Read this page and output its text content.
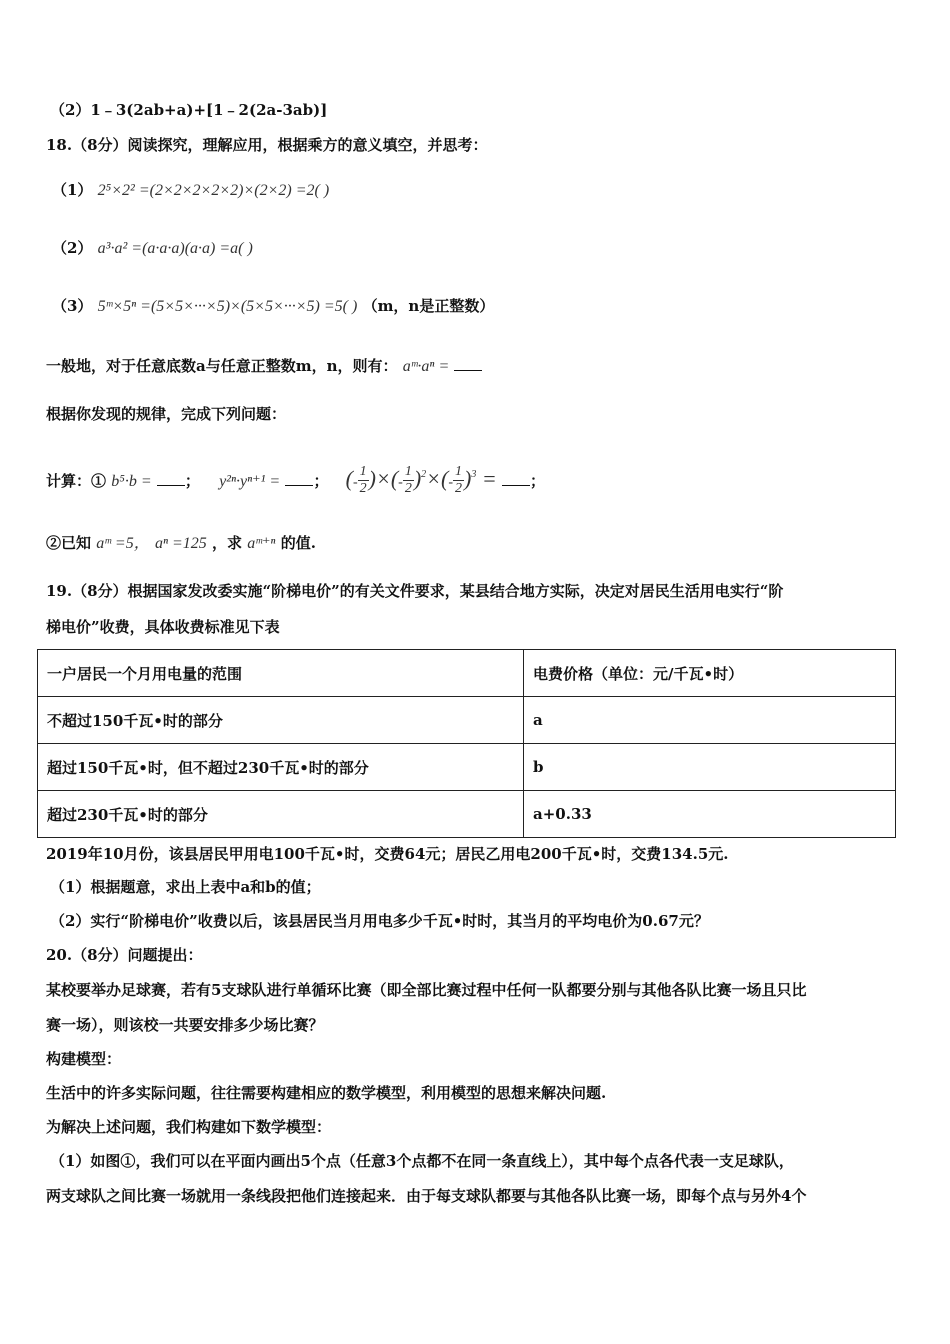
（2）1﹣3(2ab+a)+[1﹣2(2a-3ab)]
18.（8分）阅读探究，理解应用，根据乘方的意义填空，并思考：
（1） 2⁵×2² =(2×2×2×2×2)×(2×2) =2( )
（2） a³·a² =(a·a·a)(a·a) =a( )
（3） 5ᵐ×5ⁿ =(5×5×···×5)×(5×5×···×5) =5( ) （m，n是正整数）
一般地，对于任意底数a与任意正整数m，n，则有： aᵐ·aⁿ =
根据你发现的规律，完成下列问题：
计算：① b⁵·b = ； y²ⁿ·yⁿ⁺¹ = ； (- $\frac{1}{2}$ )×(- $\frac{1}{2} )^2\times(- \frac{1}{2} )^3$ = ；
②已知 aᵐ =5， aⁿ =125 ，求 aᵐ⁺ⁿ 的值.
19.（8分）根据国家发改委实施“阶梯电价”的有关文件要求，某县结合地方实际，决定对居民生活用电实行“阶
梯电价”收费，具体收费标准见下表
一户居民一个月用电量的范围	电费价格（单位：元/千瓦•时）
不超过150千瓦•时的部分	a
超过150千瓦•时，但不超过230千瓦•时的部分	b
超过230千瓦•时的部分	a+0.33
2019年10月份，该县居民甲用电100千瓦•时，交费64元；居民乙用电200千瓦•时，交费134.5元.
（1）根据题意，求出上表中a和b的值；
（2）实行“阶梯电价”收费以后，该县居民当月用电多少千瓦•时时，其当月的平均电价为0.67元？
20.（8分）问题提出：
某校要举办足球赛，若有5支球队进行单循环比赛（即全部比赛过程中任何一队都要分别与其他各队比赛一场且只比
赛一场），则该校一共要安排多少场比赛？
构建模型：
生活中的许多实际问题，往往需要构建相应的数学模型，利用模型的思想来解决问题.
为解决上述问题，我们构建如下数学模型：
（1）如图①，我们可以在平面内画出5个点（任意3个点都不在同一条直线上），其中每个点各代表一支足球队，
两支球队之间比赛一场就用一条线段把他们连接起来．由于每支球队都要与其他各队比赛一场，即每个点与另外4个
